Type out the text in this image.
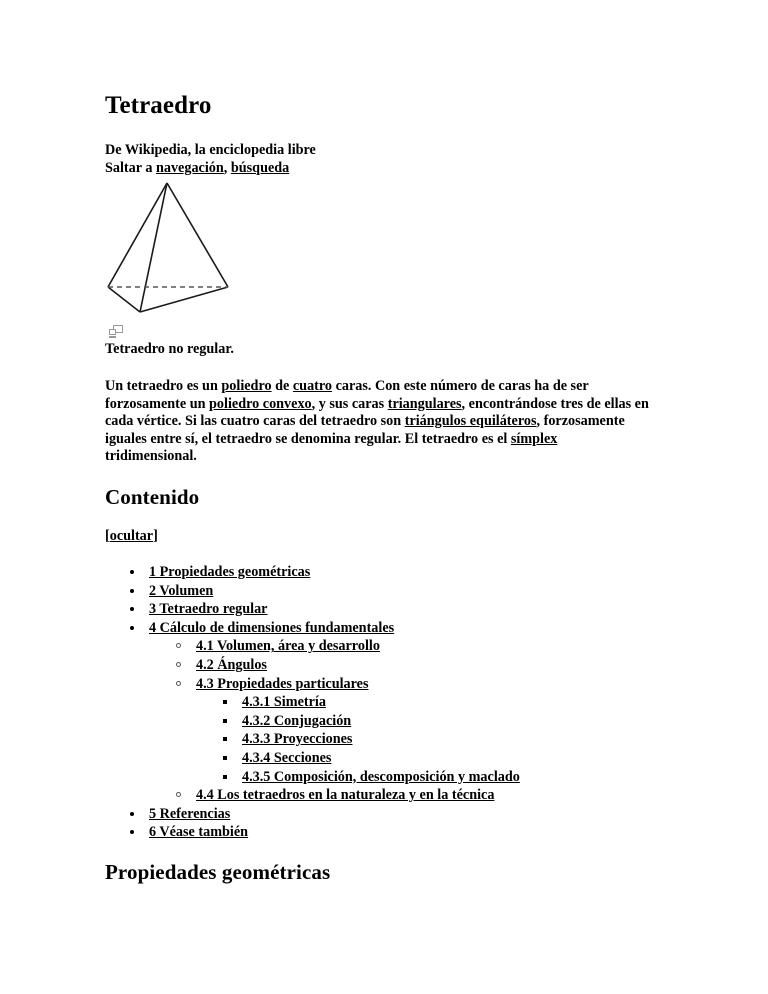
Tetraedro
De Wikipedia, la enciclopedia libre
Saltar a navegación, búsqueda
Tetraedro no regular.

Un tetraedro es un poliedro de cuatro caras. Con este número de caras ha de ser forzosamente un poliedro convexo, y sus caras triangulares, encontrándose tres de ellas en cada vértice. Si las cuatro caras del tetraedro son triángulos equiláteros, forzosamente iguales entre sí, el tetraedro se denomina regular. El tetraedro es el símplex tridimensional.

Contenido
[ocultar]
1 Propiedades geométricas
2 Volumen
3 Tetraedro regular
4 Cálculo de dimensiones fundamentales
4.1 Volumen, área y desarrollo
4.2 Ángulos
4.3 Propiedades particulares
4.3.1 Simetría
4.3.2 Conjugación
4.3.3 Proyecciones
4.3.4 Secciones
4.3.5 Composición, descomposición y maclado
4.4 Los tetraedros en la naturaleza y en la técnica
5 Referencias
6 Véase también
Propiedades geométricas
